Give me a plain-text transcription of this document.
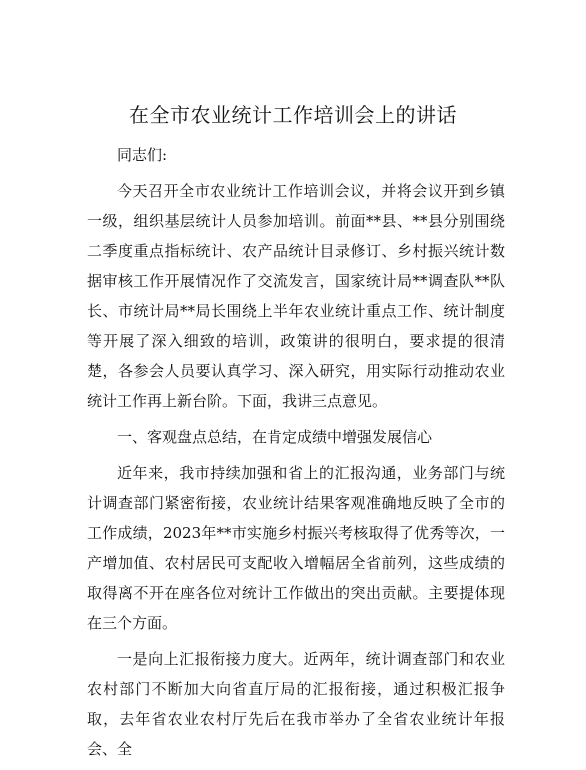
在全市农业统计工作培训会上的讲话

同志们:

今天召开全市农业统计工作培训会议，并将会议开到乡镇一级，组织基层统计人员参加培训。前面**县、**县分别围绕二季度重点指标统计、农产品统计目录修订、乡村振兴统计数据审核工作开展情况作了交流发言，国家统计局**调查队**队长、市统计局**局长围绕上半年农业统计重点工作、统计制度等开展了深入细致的培训，政策讲的很明白，要求提的很清楚，各参会人员要认真学习、深入研究，用实际行动推动农业统计工作再上新台阶。下面，我讲三点意见。

一、客观盘点总结，在肯定成绩中增强发展信心

近年来，我市持续加强和省上的汇报沟通，业务部门与统计调查部门紧密衔接，农业统计结果客观准确地反映了全市的工作成绩，2023年**市实施乡村振兴考核取得了优秀等次，一产增加值、农村居民可支配收入增幅居全省前列，这些成绩的取得离不开在座各位对统计工作做出的突出贡献。主要提体现在三个方面。

一是向上汇报衔接力度大。近两年，统计调查部门和农业农村部门不断加大向省直厅局的汇报衔接，通过积极汇报争取，去年省农业农村厅先后在我市举办了全省农业统计年报会、全
